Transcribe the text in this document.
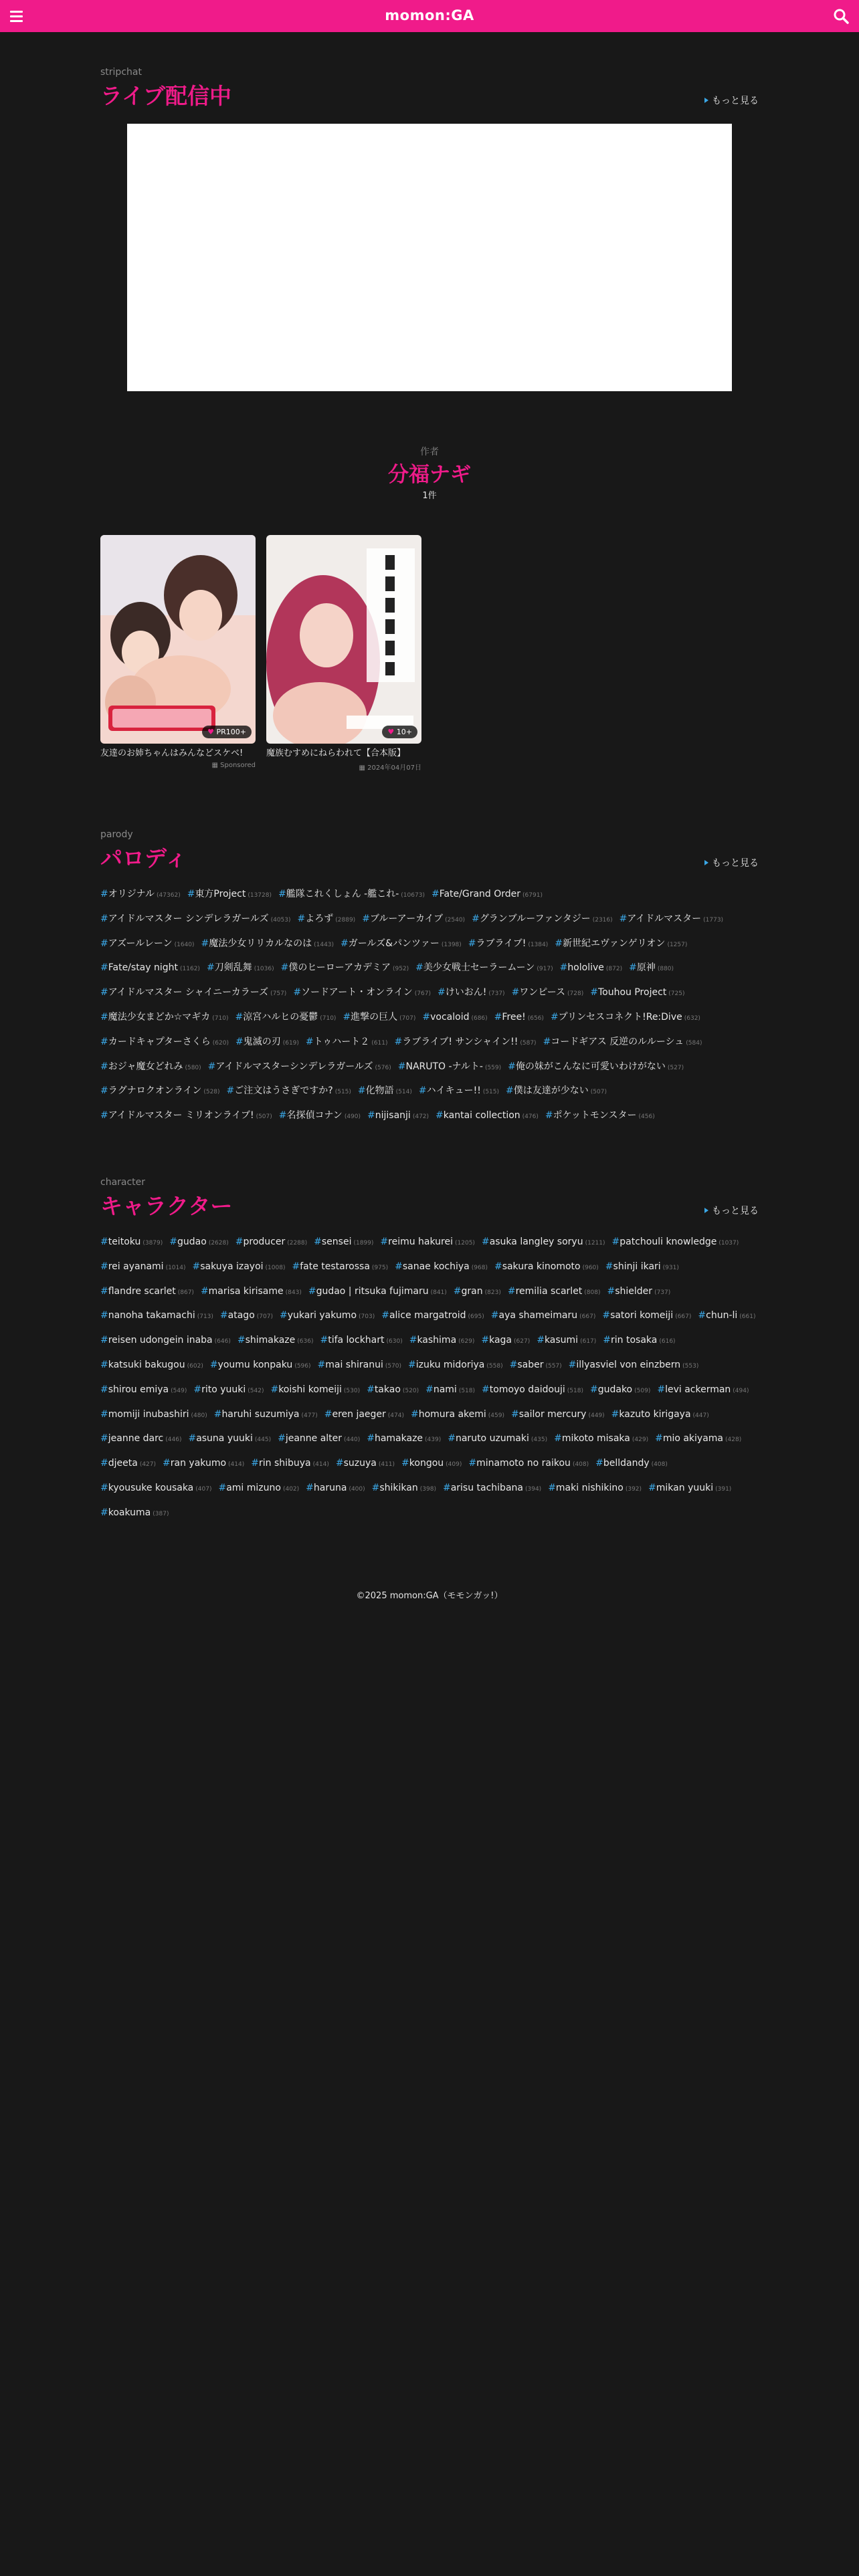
momon:GA
stripchat
ライブ配信中	もっと見る
作者
分福ナギ
1件
♥ PR100+
友達のお姉ちゃんはみんなどスケベ!
▦ Sponsored
♥ 10+
魔族むすめにねらわれて【合本版】
▦ 2024年04月07日
parody
パロディ	もっと見る
#オリジナル (47362) #東方Project (13728) #艦隊これくしょん -艦これ- (10673) #Fate/Grand Order (6791)
#アイドルマスター シンデレラガールズ (4053) #よろず (2889) #ブルーアーカイブ (2540) #グランブルーファンタジー (2316) #アイドルマスター (1773)
#アズールレーン (1640) #魔法少女リリカルなのは (1443) #ガールズ&パンツァー (1398) #ラブライブ! (1384) #新世紀エヴァンゲリオン (1257)
#Fate/stay night (1162) #刀剣乱舞 (1036) #僕のヒーローアカデミア (952) #美少女戦士セーラームーン (917) #hololive (872) #原神 (880)
#アイドルマスター シャイニーカラーズ (757) #ソードアート・オンライン (767) #けいおん! (737) #ワンピース (728) #Touhou Project (725)
#魔法少女まどか☆マギカ (710) #涼宮ハルヒの憂鬱 (710) #進撃の巨人 (707) #vocaloid (686) #Free! (656) #プリンセスコネクト!Re:Dive (632)
#カードキャプターさくら (620) #鬼滅の刃 (619) #トゥハート２ (611) #ラブライブ! サンシャイン!! (587) #コードギアス 反逆のルルーシュ (584)
#おジャ魔女どれみ (580) #アイドルマスターシンデレラガールズ (576) #NARUTO -ナルト- (559) #俺の妹がこんなに可愛いわけがない (527)
#ラグナロクオンライン (528) #ご注文はうさぎですか? (515) #化物語 (514) #ハイキュー!! (515) #僕は友達が少ない (507)
#アイドルマスター ミリオンライブ! (507) #名探偵コナン (490) #nijisanji (472) #kantai collection (476) #ポケットモンスター (456)
character
キャラクター	もっと見る
#teitoku (3879) #gudao (2628) #producer (2288) #sensei (1899) #reimu hakurei (1205) #asuka langley soryu (1211) #patchouli knowledge (1037)
#rei ayanami (1014) #sakuya izayoi (1008) #fate testarossa (975) #sanae kochiya (968) #sakura kinomoto (960) #shinji ikari (931)
#flandre scarlet (867) #marisa kirisame (843) #gudao | ritsuka fujimaru (841) #gran (823) #remilia scarlet (808) #shielder (737)
#nanoha takamachi (713) #atago (707) #yukari yakumo (703) #alice margatroid (695) #aya shameimaru (667) #satori komeiji (667) #chun-li (661)
#reisen udongein inaba (646) #shimakaze (636) #tifa lockhart (630) #kashima (629) #kaga (627) #kasumi (617) #rin tosaka (616)
#katsuki bakugou (602) #youmu konpaku (596) #mai shiranui (570) #izuku midoriya (558) #saber (557) #illyasviel von einzbern (553)
#shirou emiya (549) #rito yuuki (542) #koishi komeiji (530) #takao (520) #nami (518) #tomoyo daidouji (518) #gudako (509) #levi ackerman (494)
#momiji inubashiri (480) #haruhi suzumiya (477) #eren jaeger (474) #homura akemi (459) #sailor mercury (449) #kazuto kirigaya (447)
#jeanne darc (446) #asuna yuuki (445) #jeanne alter (440) #hamakaze (439) #naruto uzumaki (435) #mikoto misaka (429) #mio akiyama (428)
#djeeta (427) #ran yakumo (414) #rin shibuya (414) #suzuya (411) #kongou (409) #minamoto no raikou (408) #belldandy (408)
#kyousuke kousaka (407) #ami mizuno (402) #haruna (400) #shikikan (398) #arisu tachibana (394) #maki nishikino (392) #mikan yuuki (391)
#koakuma (387)
©2025 momon:GA（モモンガッ!）
